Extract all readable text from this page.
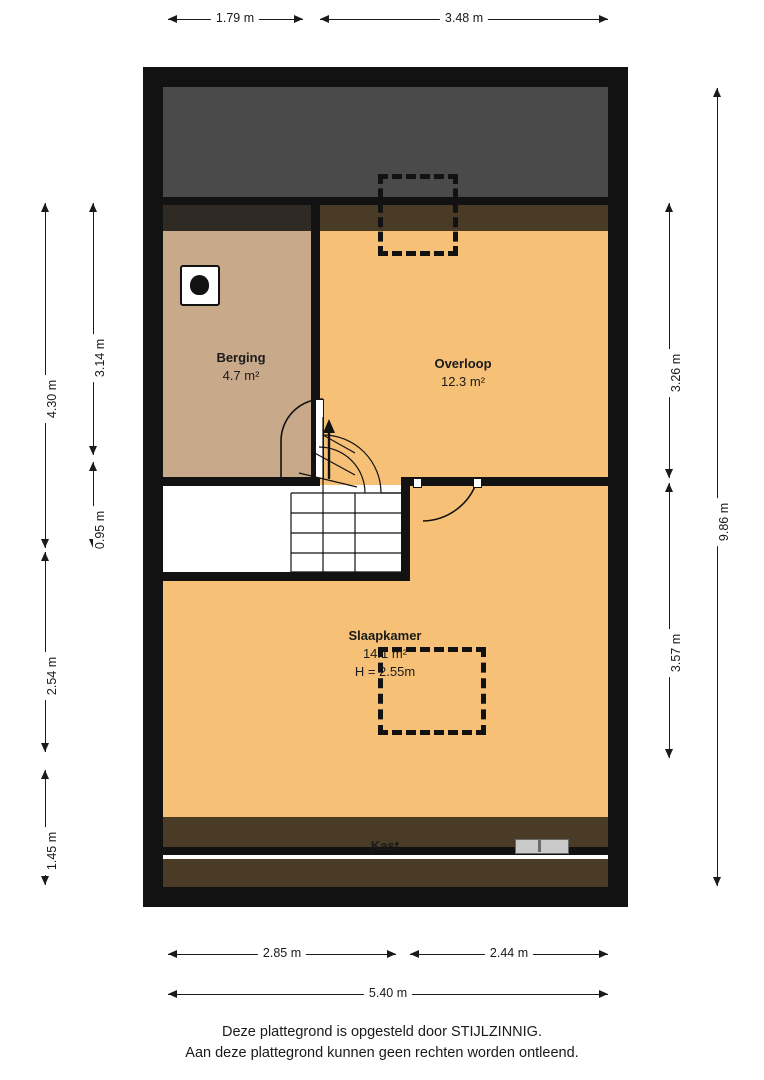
1.79 m	3.48 m
4.30 m
2.54 m
1.45 m
3.14 m
0.95 m
Berging
4.7 m²
Overloop
12.3 m²
Slaapkamer
14.1 m²
H = 2.55m
Kast
3.26 m
3.57 m
9.86 m
2.85 m	2.44 m
5.40 m
Deze plattegrond is opgesteld door STIJLZINNIG.
Aan deze plattegrond kunnen geen rechten worden ontleend.
